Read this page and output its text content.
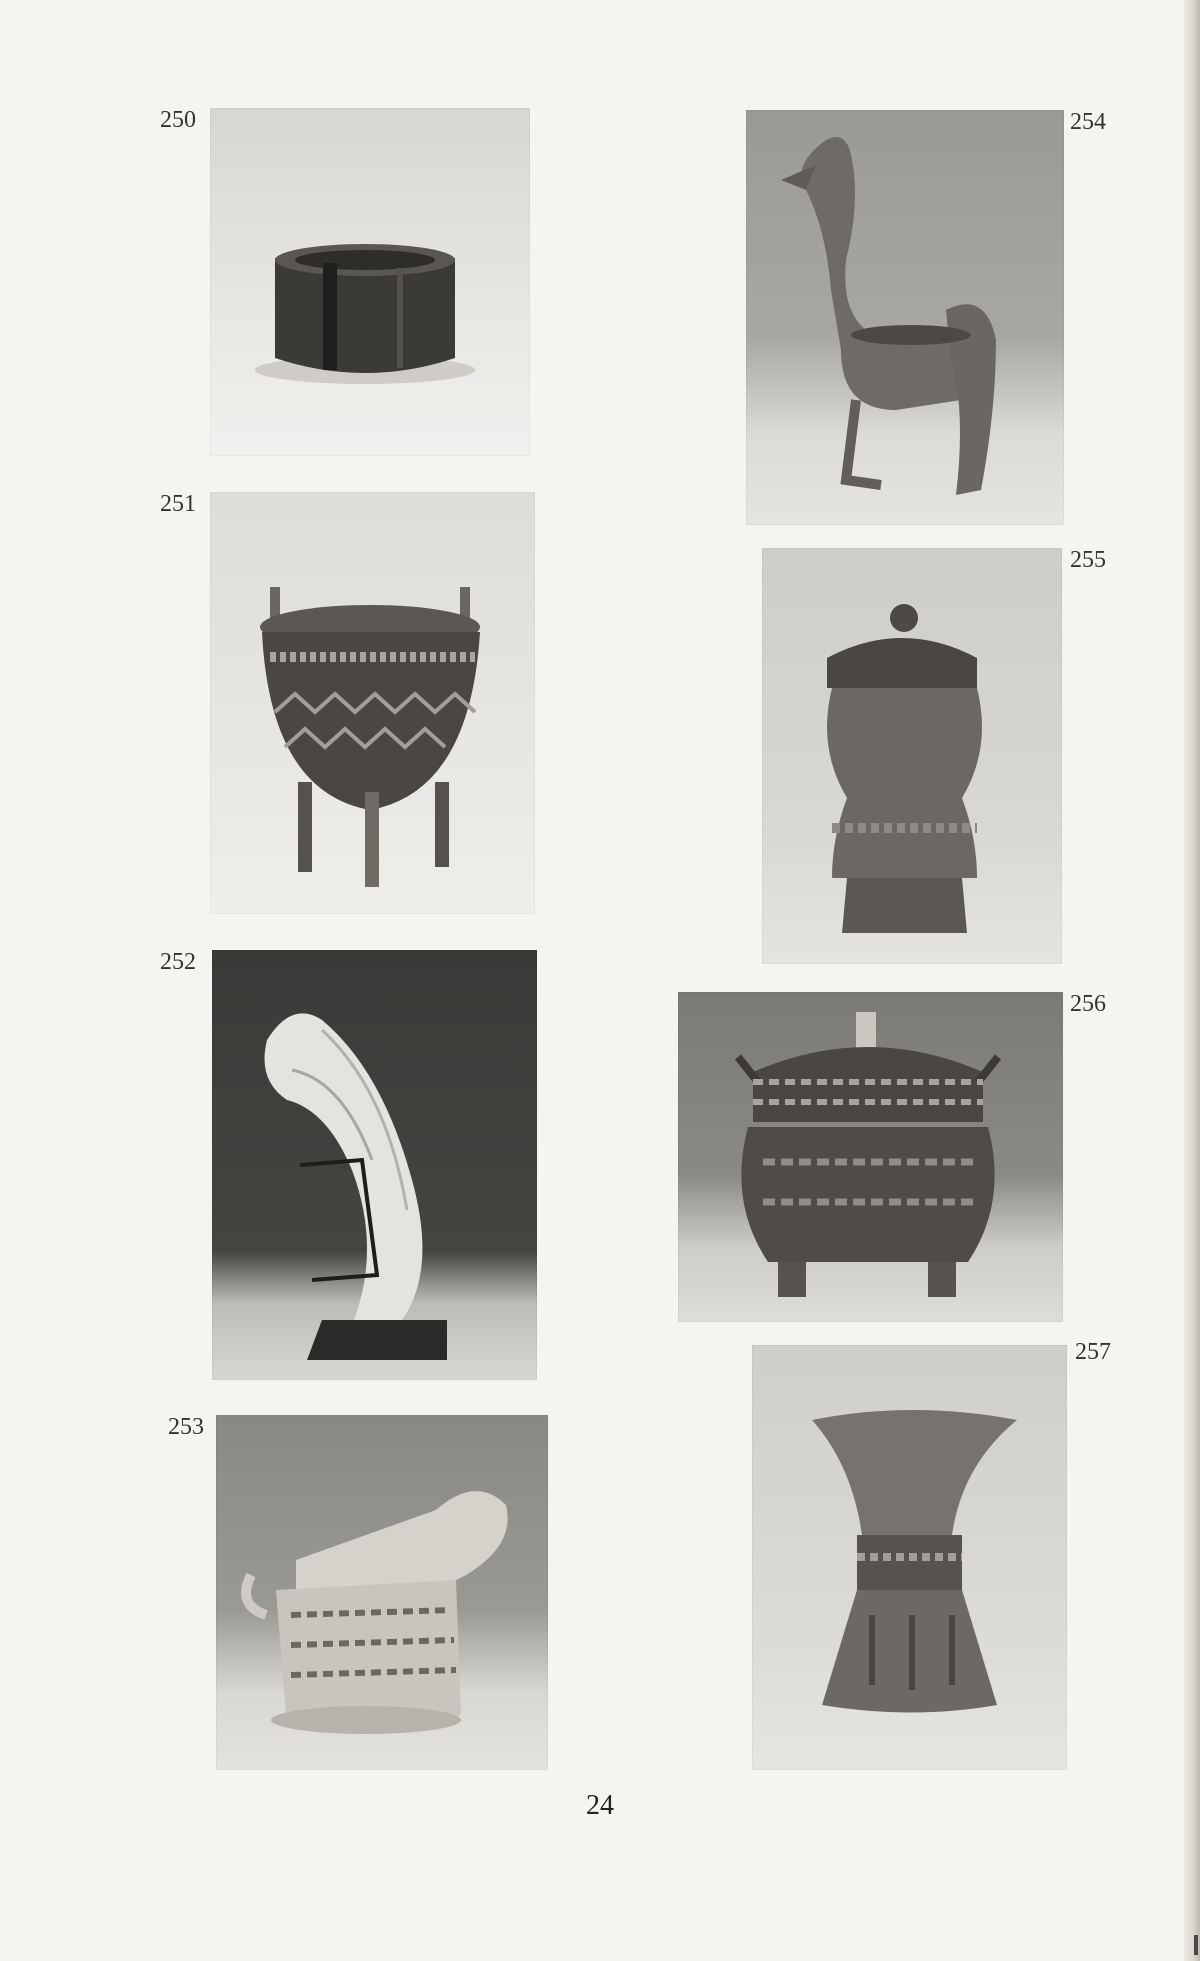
250
251
252
253
254
255
256
257
24
